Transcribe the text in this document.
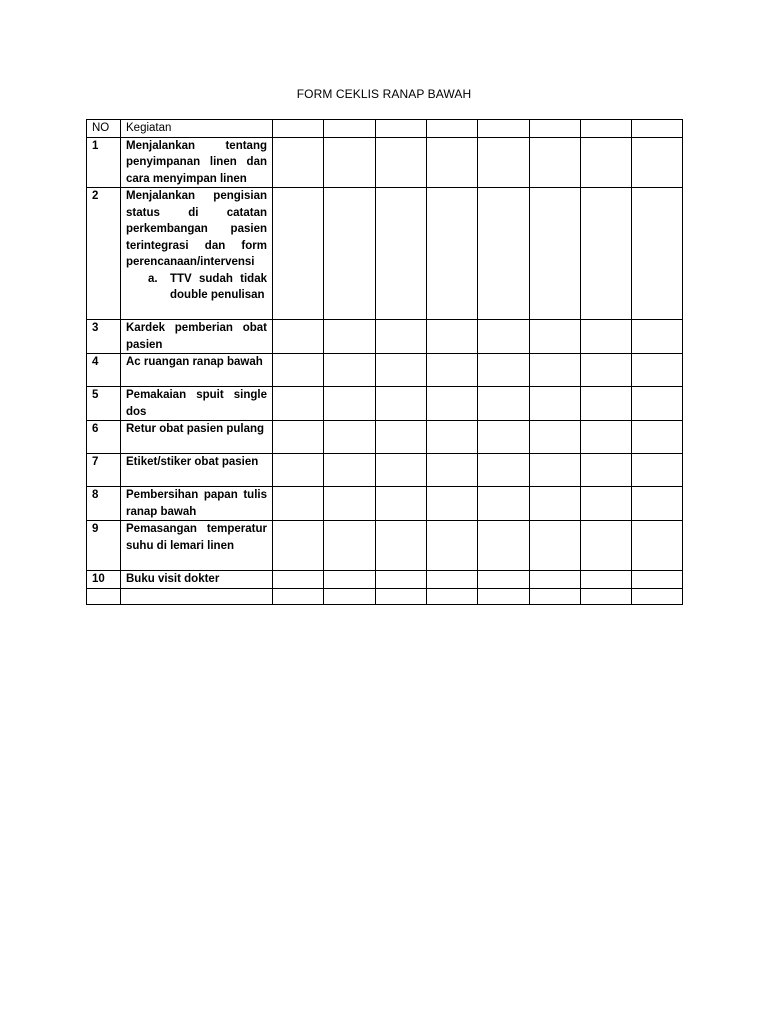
FORM CEKLIS RANAP BAWAH
NO	Kegiatan								
1	Menjalankan tentang penyimpanan linen dan cara menyimpan linen								
2	Menjalankan pengisian status di catatan perkembangan pasien terintegrasi dan form perencanaan/intervensi
a. TTV sudah tidak double penulisan								

3	Kardek pemberian obat pasien								
4	Ac ruangan ranap bawah								
5	Pemakaian spuit single dos								
6	Retur obat pasien pulang								
7	Etiket/stiker obat pasien								
8	Pembersihan papan tulis ranap bawah								
9	Pemasangan temperatur suhu di lemari linen								
10	Buku visit dokter								
